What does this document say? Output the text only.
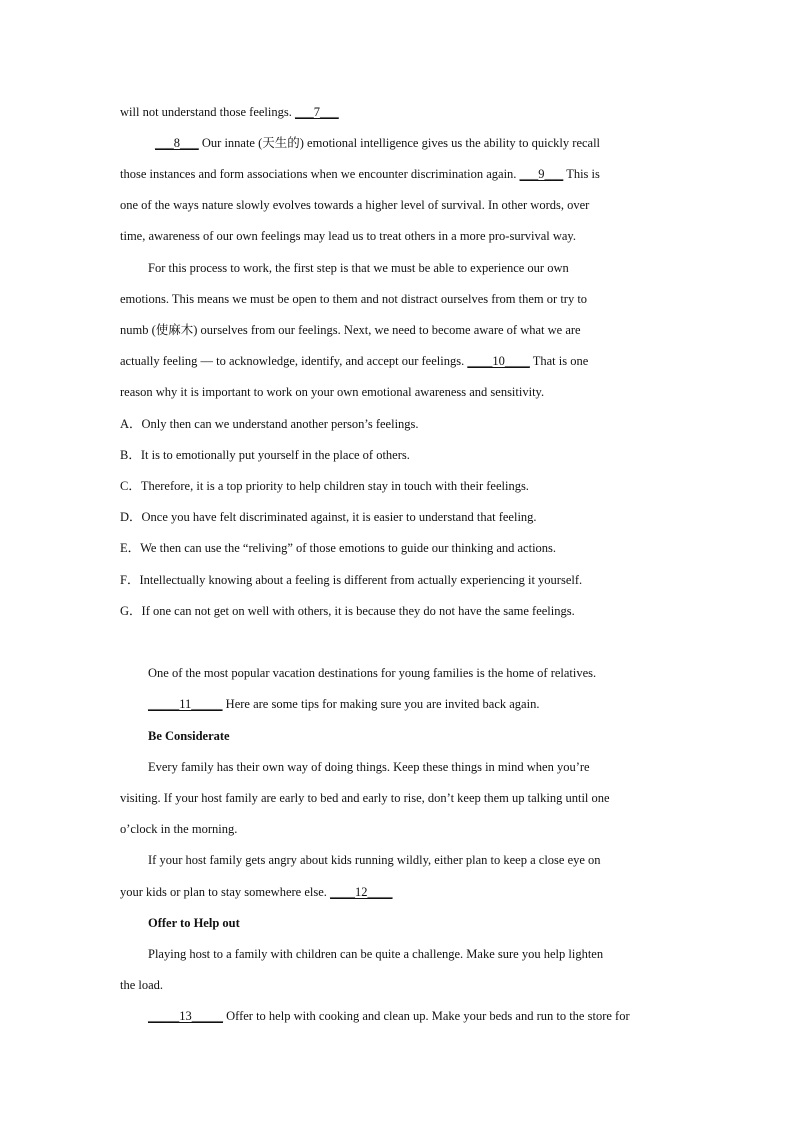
will not understand those feelings. ___7___
___8___ Our innate (天生的) emotional intelligence gives us the ability to quickly recall
those instances and form associations when we encounter discrimination again. ___9___ This is
one of the ways nature slowly evolves towards a higher level of survival. In other words, over
time, awareness of our own feelings may lead us to treat others in a more pro-survival way.
For this process to work, the first step is that we must be able to experience our own
emotions. This means we must be open to them and not distract ourselves from them or try to
numb (使麻木) ourselves from our feelings. Next, we need to become aware of what we are
actually feeling — to acknowledge, identify, and accept our feelings. ____10____ That is one
reason why it is important to work on your own emotional awareness and sensitivity.
A．Only then can we understand another person’s feelings.
B．It is to emotionally put yourself in the place of others.
C．Therefore, it is a top priority to help children stay in touch with their feelings.
D．Once you have felt discriminated against, it is easier to understand that feeling.
E．We then can use the “reliving” of those emotions to guide our thinking and actions.
F．Intellectually knowing about a feeling is different from actually experiencing it yourself.
G．If one can not get on well with others, it is because they do not have the same feelings.
One of the most popular vacation destinations for young families is the home of relatives.
_____11_____ Here are some tips for making sure you are invited back again.
Be Considerate
Every family has their own way of doing things. Keep these things in mind when you’re
visiting. If your host family are early to bed and early to rise, don’t keep them up talking until one
o’clock in the morning.
If your host family gets angry about kids running wildly, either plan to keep a close eye on
your kids or plan to stay somewhere else. ____12____
Offer to Help out
Playing host to a family with children can be quite a challenge. Make sure you help lighten
the load.
_____13_____ Offer to help with cooking and clean up. Make your beds and run to the store for
